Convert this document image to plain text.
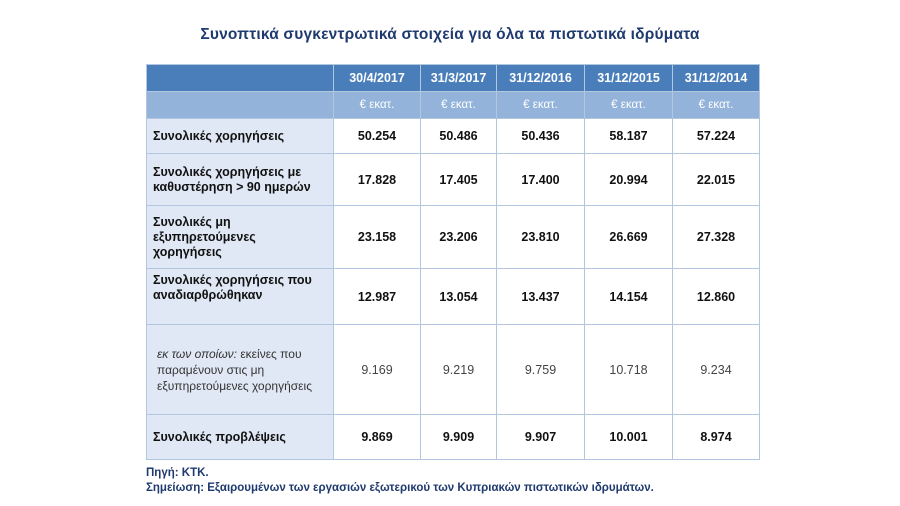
Συνοπτικά συγκεντρωτικά στοιχεία για όλα τα πιστωτικά ιδρύματα
	30/4/2017	31/3/2017	31/12/2016	31/12/2015	31/12/2014
	€ εκατ.	€ εκατ.	€ εκατ.	€ εκατ.	€ εκατ.
Συνολικές χορηγήσεις	50.254	50.486	50.436	58.187	57.224
Συνολικές χορηγήσεις με καθυστέρηση > 90 ημερών	17.828	17.405	17.400	20.994	22.015
Συνολικές μη εξυπηρετούμενες χορηγήσεις	23.158	23.206	23.810	26.669	27.328
Συνολικές χορηγήσεις που αναδιαρθρώθηκαν	12.987	13.054	13.437	14.154	12.860
εκ των οποίων: εκείνες που παραμένουν στις μη εξυπηρετούμενες χορηγήσεις	9.169	9.219	9.759	10.718	9.234
Συνολικές προβλέψεις	9.869	9.909	9.907	10.001	8.974
Πηγή: ΚΤΚ.
Σημείωση: Εξαιρουμένων των εργασιών εξωτερικού των Κυπριακών πιστωτικών ιδρυμάτων.
